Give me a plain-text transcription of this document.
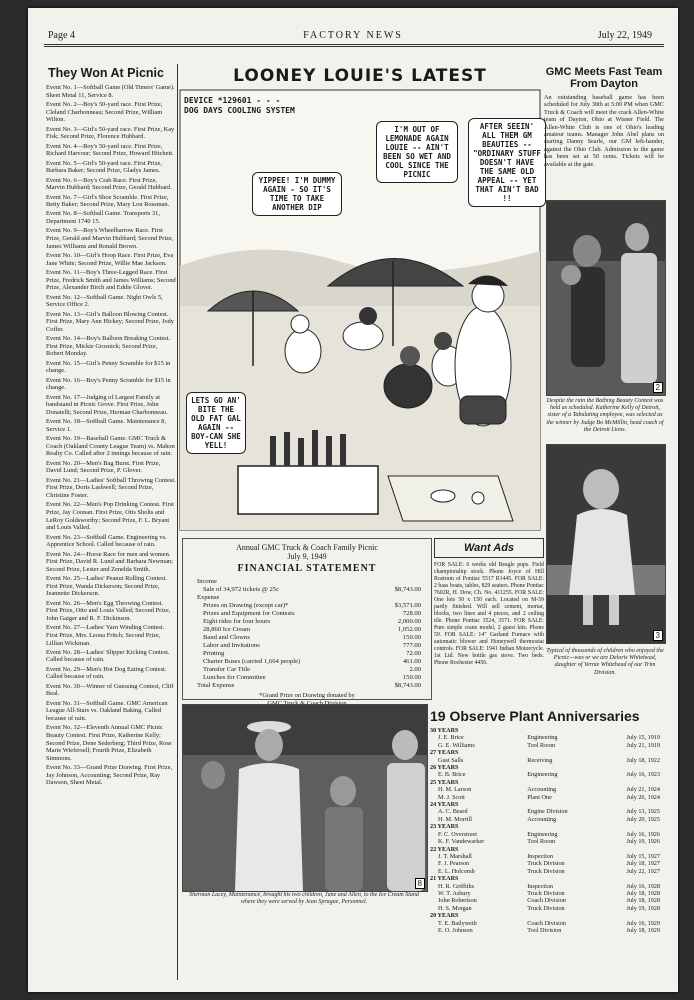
Page 4	FACTORY NEWS	July 22, 1949
They Won At Picnic
Event No. 1—Softball Game (Old Timers' Game). Sheet Metal 11, Service 8.
Event No. 2—Boy's 50-yard race. First Prize, Cleland Charbonneau; Second Prize, William Wilton.
Event No. 3—Girl's 50-yard race. First Prize, Kay Fisk; Second Prize, Florence Hubbard.
Event No. 4—Boy's 50-yard race. First Prize, Richard Harvour; Second Prize, Howard Hitchett.
Event No. 5—Girl's 50-yard race. First Prize, Barbara Baker; Second Prize, Gladys James.
Event No. 6—Boy's Crab Race. First Prize, Marvin Hubbard; Second Prize, Gerald Hubbard.
Event No. 7—Girl's Shoe Scramble. First Prize, Betty Baker; Second Prize, Mary Lou Rossman.
Event No. 8—Softball Game. Transports 31, Department 1740 15.
Event No. 9—Boy's Wheelbarrow Race. First Prize, Gerald and Marvin Hubbard; Second Prize, James Williams and Ronald Brown.
Event No. 10—Girl's Hoop Race. First Prize, Eva Jane White; Second Prize, Willie Mae Jackson.
Event No. 11—Boy's Three-Legged Race. First Prize, Fredrick Smith and James Williams; Second Prize, Alexander Birch and Eddie Glover.
Event No. 12—Softball Game. Night Owls 5, Service Office 2.
Event No. 13—Girl's Balloon Blowing Contest. First Prize, Mary Ann Hickey; Second Prize, Jody Coffer.
Event No. 14—Boy's Balloon Breaking Contest. First Prize, Mickie Grosnick; Second Prize, Robert Monday.
Event No. 15—Girl's Penny Scramble for $15 in change.
Event No. 16—Boy's Penny Scramble for $15 in change.
Event No. 17—Judging of Largest Family at bandstand in Picnic Grove. First Prize, John Donatelli; Second Prize, Herman Charbonneau.
Event No. 18—Softball Game. Maintenance 8, Service 1.
Event No. 19—Baseball Game. GMC Truck & Coach (Oakland County League Team) vs. Mahon Realty Co. Called after 2 innings because of rain.
Event No. 20—Men's Bag Burst. First Prize, David Lund; Second Prize, P. Glover.
Event No. 21—Ladies' Softball Throwing Contest. First Prize, Doris Lashwell; Second Prize, Christine Foster.
Event No. 22—Men's Pop Drinking Contest. First Prize, Jay Coonan. First Prize, Otis Sholts and LeRoy Goldsworthy; Second Prize, F. L. Bryant and Louis Valled.
Event No. 23—Softball Game. Engineering vs. Apprentice School. Called because of rain.
Event No. 24—Horse Race for men and women. First Prize, David R. Lund and Barbara Newman; Second Prize, Lester and Zenelda Smith.
Event No. 25—Ladies' Peanut Rolling Contest. First Prize, Wanda Dickerson; Second Prize, Jeannette Dickerson.
Event No. 26—Men's Egg Throwing Contest. First Prize, Otto and Louis Valled; Second Prize, John Gaiger and R. F. Dickinson.
Event No. 27—Ladies' Yarn Winding Contest. First Prize, Mrs. Leona Fritch; Second Prize, Lillian Wickman.
Event No. 28—Ladies' Slipper Kicking Contest. Called because of rain.
Event No. 29—Men's Hot Dog Eating Contest. Called because of rain.
Event No. 30—Winner of Guessing Contest, Cliff Beal.
Event No. 31—Softball Game. GMC American League All-Stars vs. Oakland Baking. Called because of rain.
Event No. 32—Eleventh Annual GMC Picnic Beauty Contest. First Prize, Katherine Kelly; Second Prize, Dene Sederberg; Third Prize, Rose Marie Wiefersell; Fourth Prize, Elizabeth Simmons.
Event No. 33—Grand Prize Drawing. First Prize, Jay Johnson, Accounting; Second Prize, Ray Dawson, Sheet Metal.
LOONEY LOUIE'S LATEST
DEVICE *129601 - - -
DOG DAYS COOLING SYSTEM
I'M OUT OF LEMONADE AGAIN LOUIE -- AIN'T BEEN SO WET AND COOL SINCE THE PICNIC
AFTER SEEIN' ALL THEM GM BEAUTIES -- "ORDINARY STUFF DOESN'T HAVE THE SAME OLD APPEAL -- YET THAT AIN'T BAD !!
YIPPEE! I'M DUMMY AGAIN - SO IT'S TIME TO TAKE ANOTHER DIP
LETS GO AN' BITE THE OLD FAT GAL AGAIN -- BOY-CAN SHE YELL!
GMC Meets Fast Team From Dayton
An outstanding baseball game has been scheduled for July 30th at 5:00 PM when GMC Truck & Coach will meet the crack Allen-White team of Dayton, Ohio at Wisner Field. The Allen-White Club is one of Ohio's leading amateur teams. Manager John Abel plans on starting Danny Searle, our GM left-hander, against the Ohio Club. Admission to the game has been set at 50 cents. Tickets will be available at the gate.
2
Despite the rain the Bathing Beauty Contest was held as scheduled. Katherine Kelly of Detroit, sister of a Tabulating employee, was selected as the winner by Judge Bo McMillin, head coach of the Detroit Lions.
3
Typical of thousands of children who enjoyed the Picnic—was or we are Deloris Whitehead, daughter of Vernie Whitehead of our Trim Division.
Annual GMC Truck & Coach Family Picnic
July 9, 1949
FINANCIAL STATEMENT
Income	
Sale of 34,972 tickets @ 25c	$8,743.00
Expense	
Prizes on Drawing (except car)*	$3,571.00
Prizes and Equipment for Contests	728.00
Eight rides for four hours	2,000.00
28,860 Ice Cream	1,052.00
Band and Clowns	150.00
Labor and Invitations	777.00
Printing	72.00
Charter Buses (carried 1,664 people)	461.00
Transfer Car Title	2.00
Lunches for Committee	150.00
Total Expense	$8,743.00
*Grand Prize on Drawing donated by
Want Ads
FOR SALE: 6 weeks old Beagle pups. Field championship stock. Phone Joyce of Hill Rostrum of Pontiac 5517 R1445. FOR SALE: 2 bass boats, tables, 829 seaters. Phone Pontiac 7602R, H. Dow, Ch. No. 411255. FOR SALE: One lots 50 x 150 each. Located on M-59 partly finished. Will sell cement, mortar, blocks, two lines and 4 pieces, and 2 ceiling tile. Phone Pontiac 3524, 3571. FOR SALE: Pure simple crane model, 2 guest kits. Phone 59. FOR SALE: 14" Garland Furnace with automatic blower and Honeywell thermostat controls. FOR SALE: 1941 Indian Motorcycle. 1st Ltd. New bottle gas stove. Two beds. Phone Rochester 4456.
8
Sherman Lacey, Maintenance, brought his two children, June and Allen, to the Ice Cream Stand where they were served by Jean Sprague, Personnel.
19 Observe Plant Anniversaries
30 YEARS		
J. E. Brice	Engineering	July 15, 1919
G. E. Williams	Tool Room	July 21, 1919
27 YEARS		
Gust Salls	Receiving	July 18, 1922
26 YEARS		
E. B. Brice	Engineering	July 16, 1923
25 YEARS		
H. M. Larson	Accounting	July 21, 1924
M. J. Scott	Plant One	July 26, 1924
24 YEARS		
A. C. Beard	Engine Division	July 13, 1925
H. M. Morrill	Accounting	July 20, 1925
23 YEARS		
F. C. Overstreet	Engineering	July 16, 1926
K. F. Vandewarker	Tool Room	July 19, 1926
22 YEARS		
J. T. Marshall	Inspection	July 15, 1927
F. J. Pearson	Truck Division	July 18, 1927
E. L. Holcomb	Truck Division	July 22, 1927
21 YEARS		
H. R. Griffiths	Inspection	July 16, 1928
W. T. Asbury	Truck Division	July 18, 1928
John Robertson	Coach Division	July 18, 1928
H. S. Morgan	Truck Division	July 19, 1928
20 YEARS		
T. E. Bailyweth	Coach Division	July 16, 1929
E. O. Johnson	Tool Division	July 18, 1929
